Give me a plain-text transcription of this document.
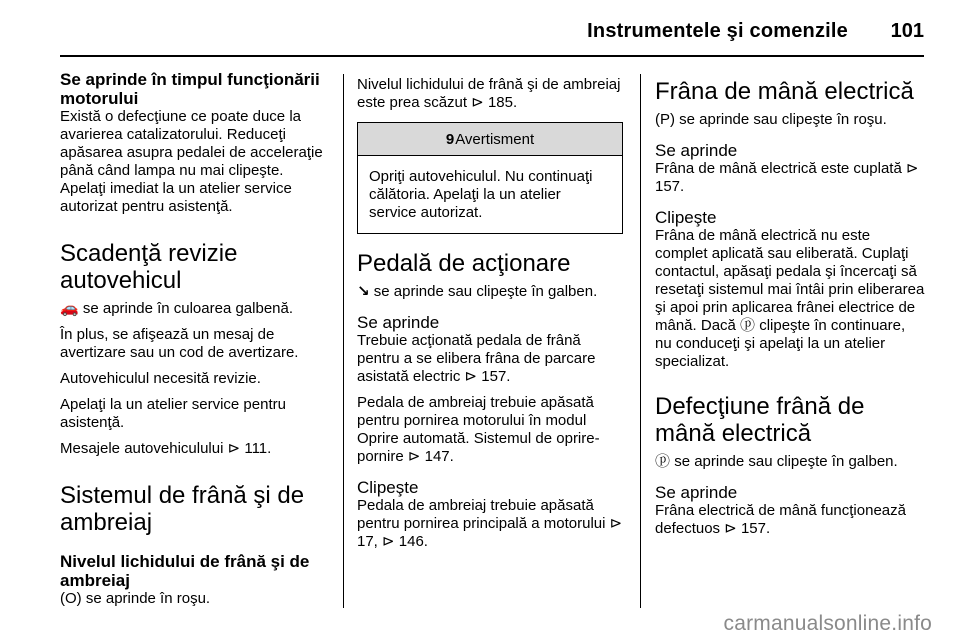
Instrumentele şi comenzile 101

Se aprinde în timpul funcţionării motorului

Există o defecţiune ce poate duce la avarierea catalizatorului. Reduceţi apăsarea asupra pedalei de acceleraţie până când lampa nu mai clipeşte. Apelaţi imediat la un atelier service autorizat pentru asistenţă.

Scadenţă revizie autovehicul

🚗 se aprinde în culoarea galbenă.

În plus, se afişează un mesaj de avertizare sau un cod de avertizare.

Autovehiculul necesită revizie.

Apelaţi la un atelier service pentru asistenţă.

Mesajele autovehiculului ⊳ 111.

Sistemul de frână şi de ambreiaj

Nivelul lichidului de frână şi de ambreiaj

(O) se aprinde în roşu.

Nivelul lichidului de frână şi de ambreiaj este prea scăzut ⊳ 185.

9Avertisment

Opriţi autovehiculul. Nu continuaţi călătoria. Apelaţi la un atelier service autorizat.

Pedală de acţionare

↘ se aprinde sau clipeşte în galben.

Se aprinde

Trebuie acţionată pedala de frână pentru a se elibera frâna de parcare asistată electric ⊳ 157.

Pedala de ambreiaj trebuie apăsată pentru pornirea motorului în modul Oprire automată. Sistemul de oprire-pornire ⊳ 147.

Clipeşte

Pedala de ambreiaj trebuie apăsată pentru pornirea principală a motorului ⊳ 17, ⊳ 146.

Frâna de mână electrică

(P) se aprinde sau clipeşte în roşu.

Se aprinde

Frâna de mână electrică este cuplată ⊳ 157.

Clipeşte

Frâna de mână electrică nu este complet aplicată sau eliberată. Cuplaţi contactul, apăsaţi pedala şi încercaţi să resetaţi sistemul mai întâi prin eliberarea şi apoi prin aplicarea frânei electrice de mână. Dacă ⓟ clipeşte în continuare, nu conduceţi şi apelaţi la un atelier specializat.

Defecţiune frână de mână electrică

ⓟ se aprinde sau clipeşte în galben.

Se aprinde

Frâna electrică de mână funcţionează defectuos ⊳ 157.

carmanualsonline.info
